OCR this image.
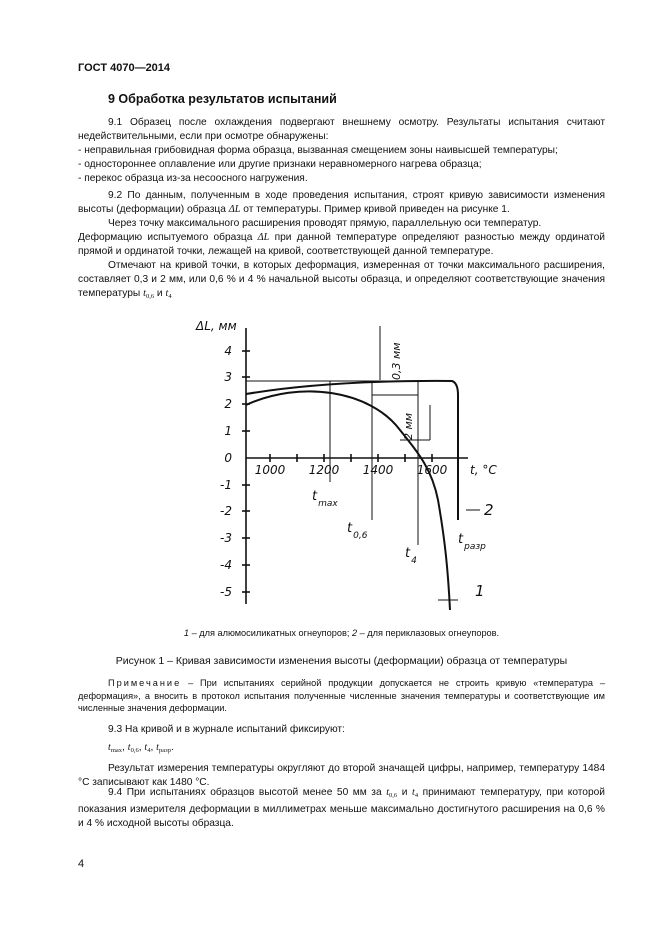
ГОСТ 4070—2014
9 Обработка результатов испытаний
9.1 Образец после охлаждения подвергают внешнему осмотру. Результаты испытания считают недействительными, если при осмотре обнаружены:
- неправильная грибовидная форма образца, вызванная смещением зоны наивысшей температуры;
- одностороннее оплавление или другие признаки неравномерного нагрева образца;
- перекос образца из-за несоосного нагружения.
9.2 По данным, полученным в ходе проведения испытания, строят кривую зависимости изменения высоты (деформации) образца ΔL от температуры. Пример кривой приведен на рисунке 1.
Через точку максимального расширения проводят прямую, параллельную оси температур.
Деформацию испытуемого образца ΔL при данной температуре определяют разностью между ординатой прямой и ординатой точки, лежащей на кривой, соответствующей данной температуре.
Отмечают на кривой точки, в которых деформация, измеренная от точки максимального расширения, составляет 0,3 и 2 мм, или 0,6 % и 4 % начальной высоты образца, и определяют соответствующие значения температуры $t_{0,6}$ и $t_4$
ΔL, мм
t, °C
4
3
2
1
0
-1
-2
-3
-4
-5
1000 1200 1400 1600
0,3 мм
2 мм
$t_{max}$
$t_{0,6}$
$t_4$
$t_{разр}$
1
2
1 – для алюмосиликатных огнеупоров; 2 – для периклазовых огнеупоров.
Рисунок 1 – Кривая зависимости изменения высоты (деформации) образца от температуры
Примечание – При испытаниях серийной продукции допускается не строить кривую «температура – деформация», а вносить в протокол испытания полученные численные значения температуры и соответствующие им численные значения деформации.
9.3 На кривой и в журнале испытаний фиксируют:
$t_{max}$, $t_{0,6}$, $t_4$, $t_{разр}$.
Результат измерения температуры округляют до второй значащей цифры, например, температуру 1484 °С записывают как 1480 °С.
9.4 При испытаниях образцов высотой менее 50 мм за $t_{0,6}$ и $t_4$ принимают температуру, при которой показания измерителя деформации в миллиметрах меньше максимально достигнутого расширения на 0,6 % и 4 % исходной высоты образца.
4
